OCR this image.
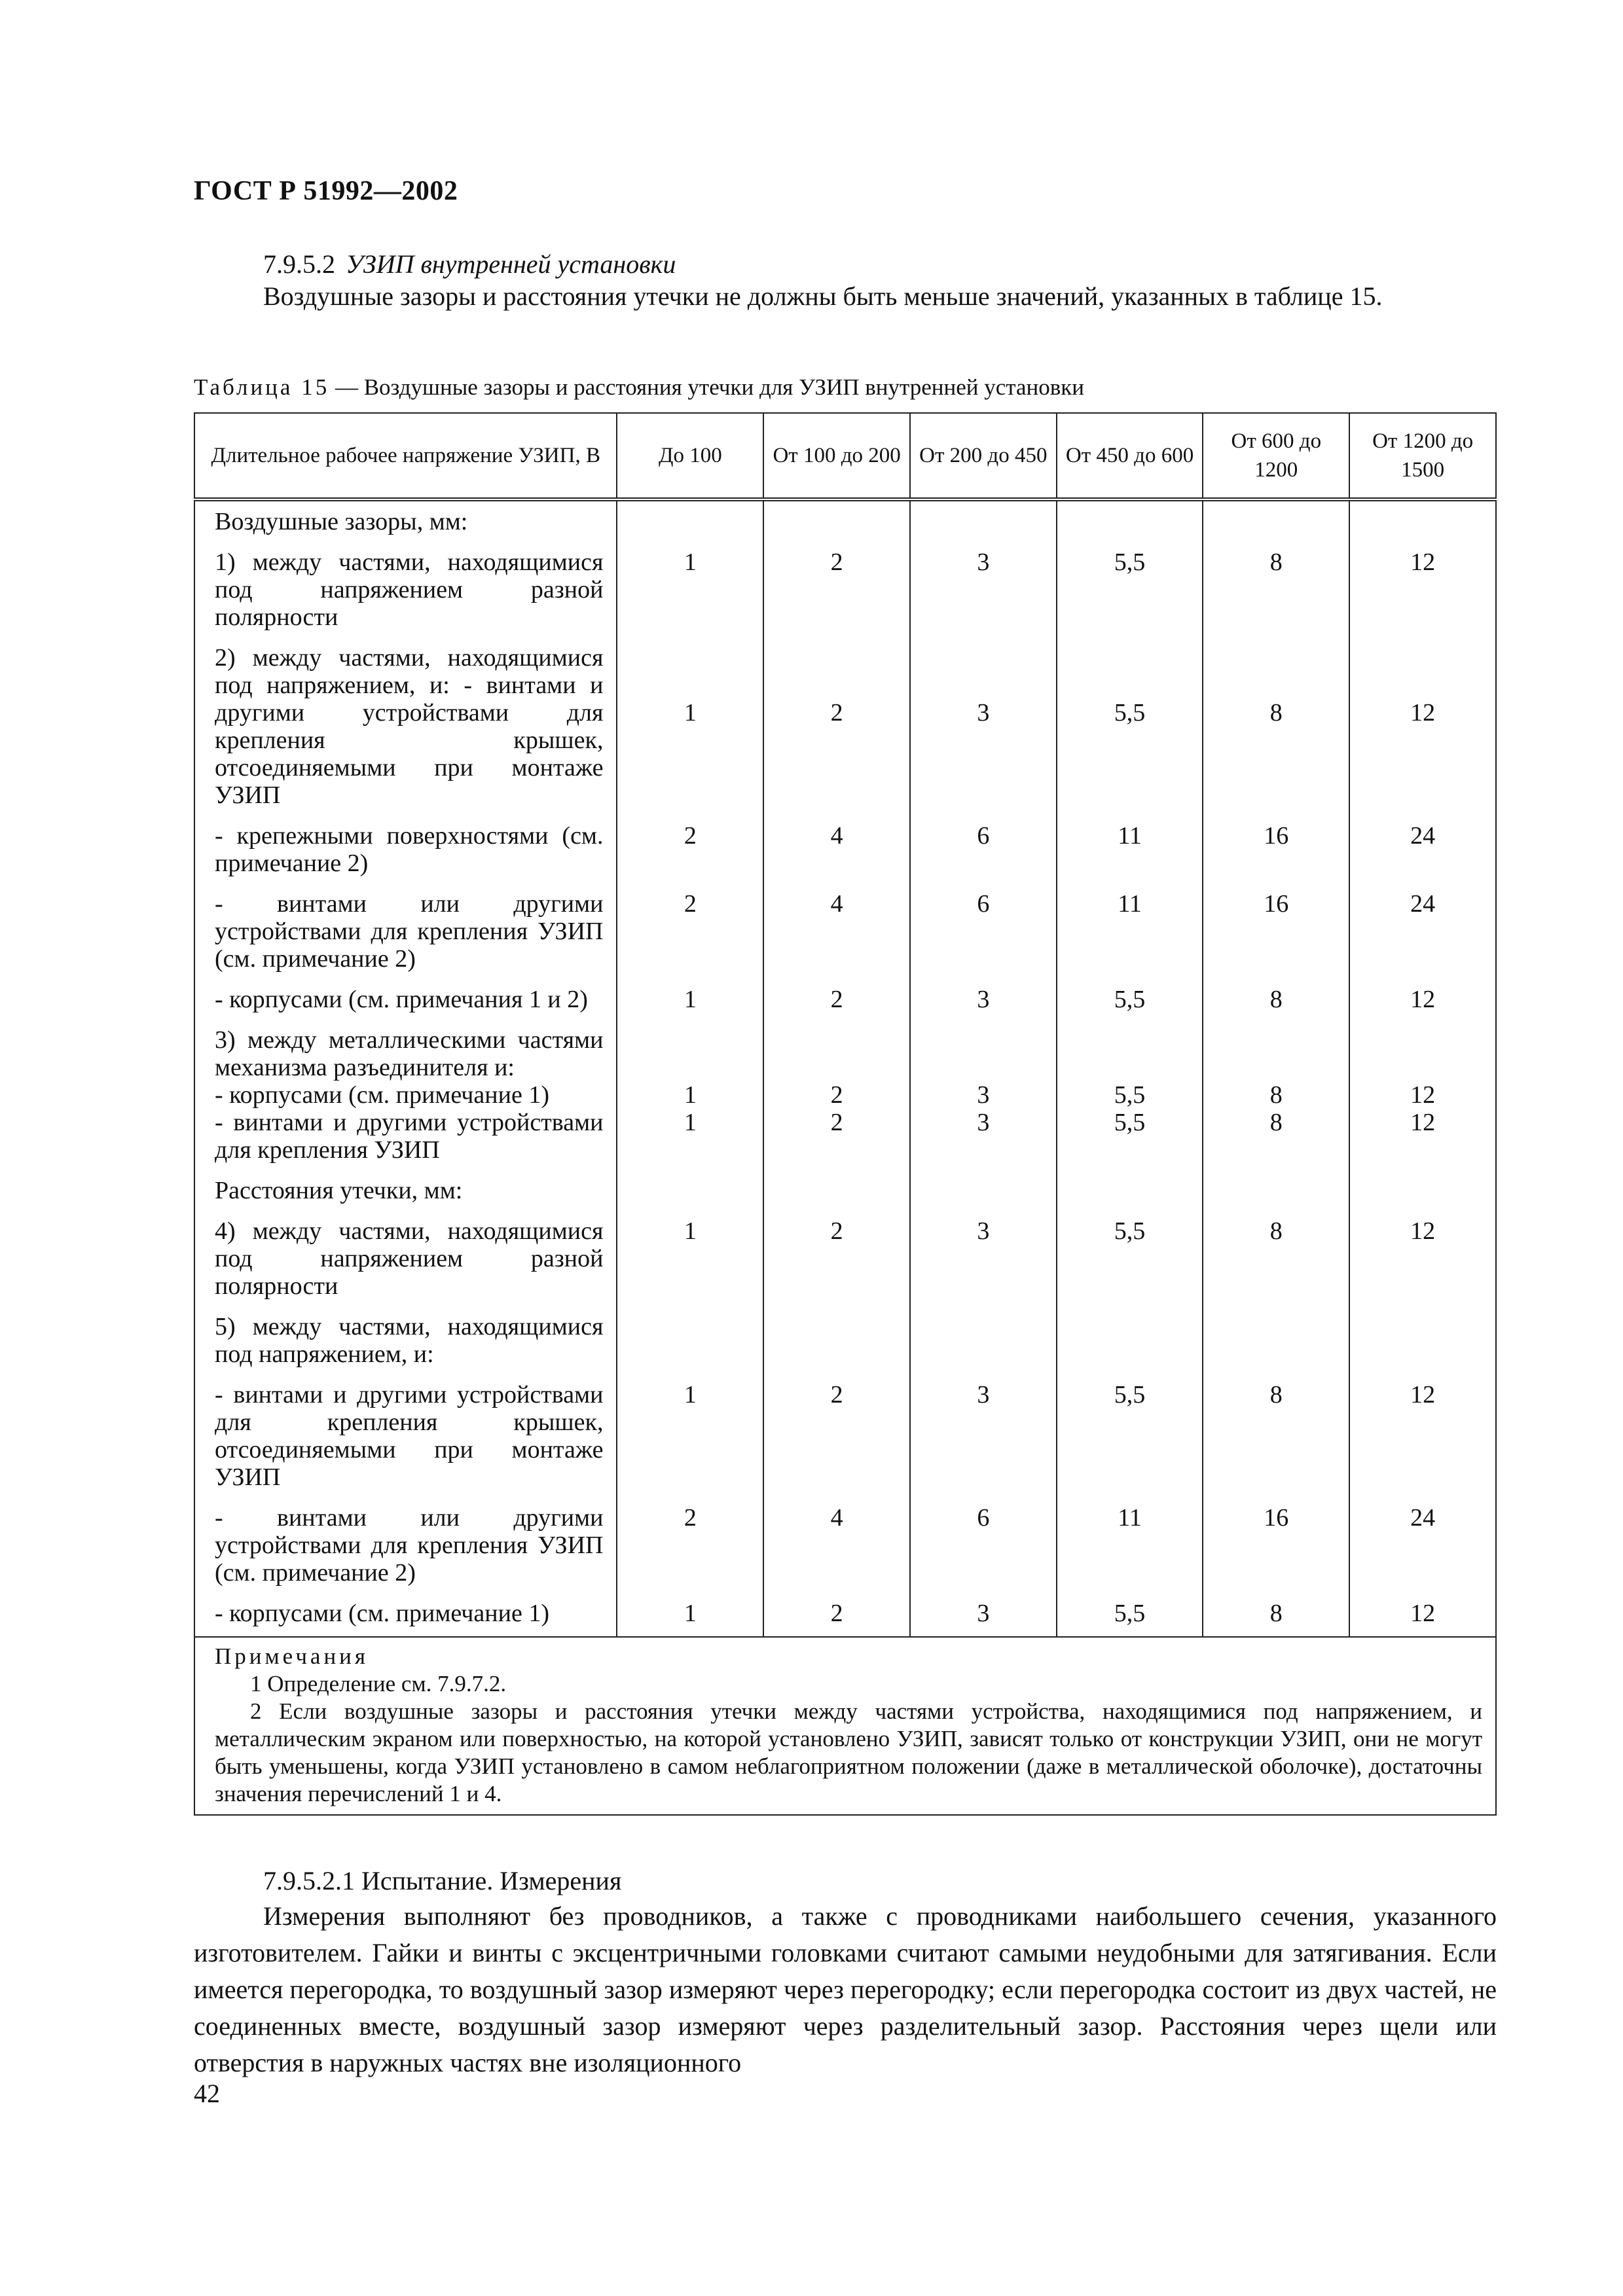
ГОСТ Р 51992—2002
7.9.5.2 УЗИП внутренней установки
Воздушные зазоры и расстояния утечки не должны быть меньше значений, указанных в таблице 15.
Таблица 15 — Воздушные зазоры и расстояния утечки для УЗИП внутренней установки
Длительное рабочее напряжение УЗИП, В	До 100	От 100 до 200	От 200 до 450	От 450 до 600	От 600 до 1200	От 1200 до 1500
Воздушные зазоры, мм:						
1) между частями, находящимися под напряжением разной полярности	1	2	3	5,5	8	12
2) между частями, находящимися под напряжением, и: - винтами и другими устройствами для крепления крышек, отсоединяемыми при монтаже УЗИП	1	2	3	5,5	8	12
- крепежными поверхностями (см. примечание 2)	2	4	6	11	16	24
- винтами или другими устройствами для крепления УЗИП (см. примечание 2)	2	4	6	11	16	24
- корпусами (см. примечания 1 и 2)	1	2	3	5,5	8	12
3) между металлическими частями механизма разъединителя и:						
- корпусами (см. примечание 1)	1	2	3	5,5	8	12
- винтами и другими устройствами для крепления УЗИП	1	2	3	5,5	8	12
Расстояния утечки, мм:						
4) между частями, находящимися под напряжением разной полярности	1	2	3	5,5	8	12
5) между частями, находящимися под напряжением, и:						
- винтами и другими устройствами для крепления крышек, отсоединяемыми при монтаже УЗИП	1	2	3	5,5	8	12
- винтами или другими устройствами для крепления УЗИП (см. примечание 2)	2	4	6	11	16	24
- корпусами (см. примечание 1)	1	2	3	5,5	8	12

Примечания
1 Определение см. 7.9.7.2.
2 Если воздушные зазоры и расстояния утечки между частями устройства, находящимися под напряжением, и металлическим экраном или поверхностью, на которой установлено УЗИП, зависят только от конструкции УЗИП, они не могут быть уменьшены, когда УЗИП установлено в самом неблагоприятном положении (даже в металлической оболочке), достаточны значения перечислений 1 и 4.						
7.9.5.2.1 Испытание. Измерения
Измерения выполняют без проводников, а также с проводниками наибольшего сечения, указанного изготовителем. Гайки и винты с эксцентричными головками считают самыми неудобными для затягивания. Если имеется перегородка, то воздушный зазор измеряют через перегородку; если перегородка состоит из двух частей, не соединенных вместе, воздушный зазор измеряют через разделительный зазор. Расстояния через щели или отверстия в наружных частях вне изоляционного
42
